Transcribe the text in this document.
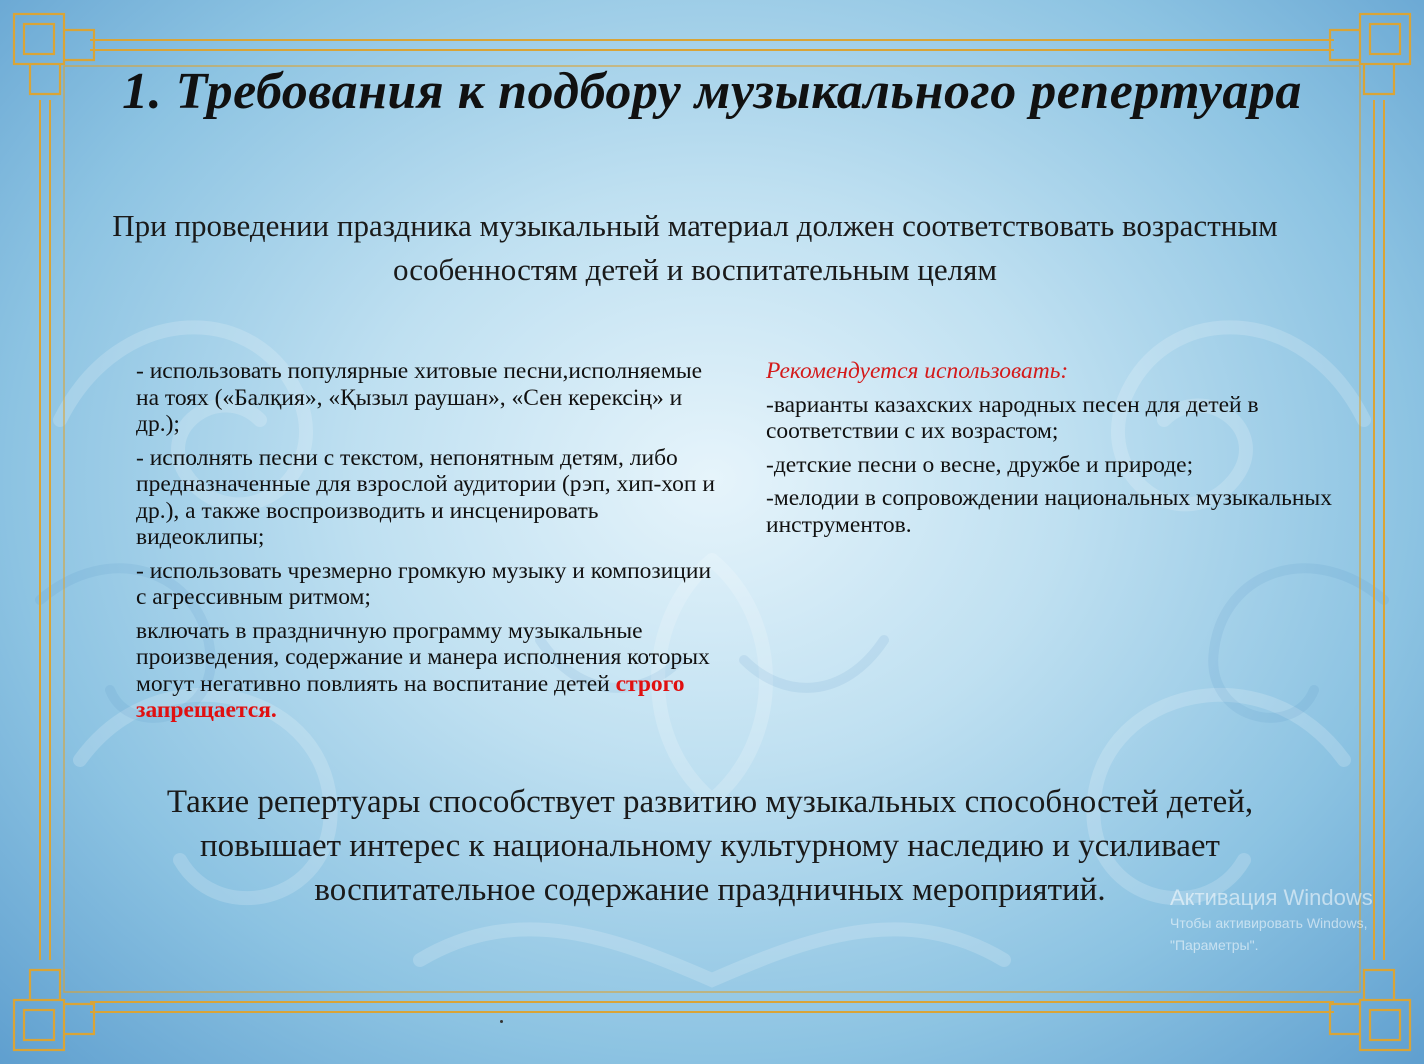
1. Требования к подбору музыкального репертуара

При проведении праздника музыкальный материал должен соответствовать возрастным особенностям детей и воспитательным целям

- использовать популярные хитовые песни,исполняемые на тоях («Балқия», «Қызыл раушан», «Сен керексің» и др.);

- исполнять песни с текстом, непонятным детям, либо предназначенные для взрослой аудитории (рэп, хип-хоп и др.), а также воспроизводить и инсценировать видеоклипы;

- использовать чрезмерно громкую музыку и композиции с агрессивным ритмом;

включать в праздничную программу музыкальные произведения, содержание и манера исполнения которых могут негативно повлиять на воспитание детей строго запрещается.

Рекомендуется использовать:

-варианты казахских народных песен для детей в соответствии с их возрастом;

-детские песни о весне, дружбе и природе;

-мелодии в сопровождении национальных музыкальных инструментов.

Такие репертуары способствует развитию музыкальных способностей детей, повышает интерес к национальному культурному наследию и усиливает воспитательное содержание праздничных мероприятий.	Активация Windows
Чтобы активировать Windows,
"Параметры".
